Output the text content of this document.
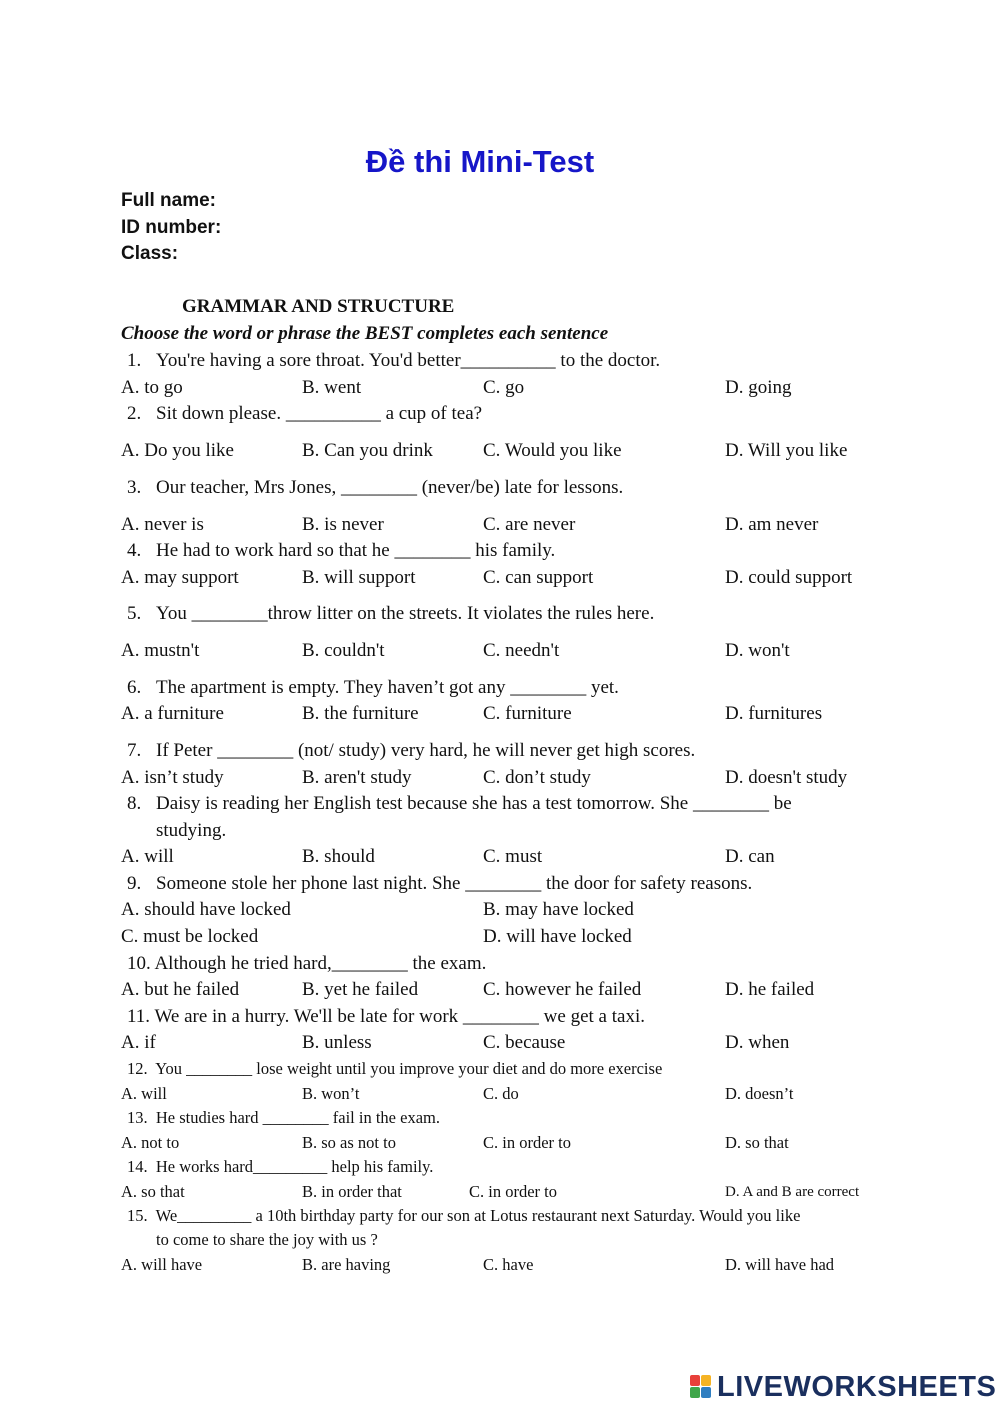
Đề thi Mini-Test
Full name:
ID number:
Class:
GRAMMAR AND STRUCTURE
Choose the word or phrase the BEST completes each sentence
1. You're having a sore throat. You'd better__________ to the doctor.
A. to go	B. went	C. go	D. going
2. Sit down please. __________ a cup of tea?
A. Do you like	B. Can you drink	C. Would you like	D. Will you like
3. Our teacher, Mrs Jones, ________ (never/be) late for lessons.
A. never is	B. is never	C. are never	D. am never
4. He had to work hard so that he ________ his family.
A. may support	B. will support	C. can support	D. could support
5. You ________throw litter on the streets. It violates the rules here.
A. mustn't	B. couldn't	C. needn't	D. won't
6. The apartment is empty. They haven’t got any ________ yet.
A. a furniture	B. the furniture	C. furniture	D. furnitures
7. If Peter ________ (not/ study) very hard, he will never get high scores.
A. isn’t study	B. aren't study	C. don’t study	D. doesn't study
8. Daisy is reading her English test because she has a test tomorrow. She ________ be
studying.
A. will	B. should	C. must	D. can
9. Someone stole her phone last night. She ________ the door for safety reasons.
A. should have locked	B. may have locked
C. must be locked	D. will have locked
10. Although he tried hard,________ the exam.
A. but he failed	B. yet he failed	C. however he failed	D. he failed
11. We are in a hurry. We'll be late for work ________ we get a taxi.
A. if	B. unless	C. because	D. when
12. You ________ lose weight until you improve your diet and do more exercise
A. will	B. won’t	C. do	D. doesn’t
13. He studies hard ________ fail in the exam.
A. not to	B. so as not to	C. in order to	D. so that
14. He works hard_________ help his family.
A. so that	B. in order that	C. in order to	D. A and B are correct
15. We_________ a 10th birthday party for our son at Lotus restaurant next Saturday. Would you like
to come to share the joy with us ?
A. will have	B. are having	C. have	D. will have had
LIVEWORKSHEETS
